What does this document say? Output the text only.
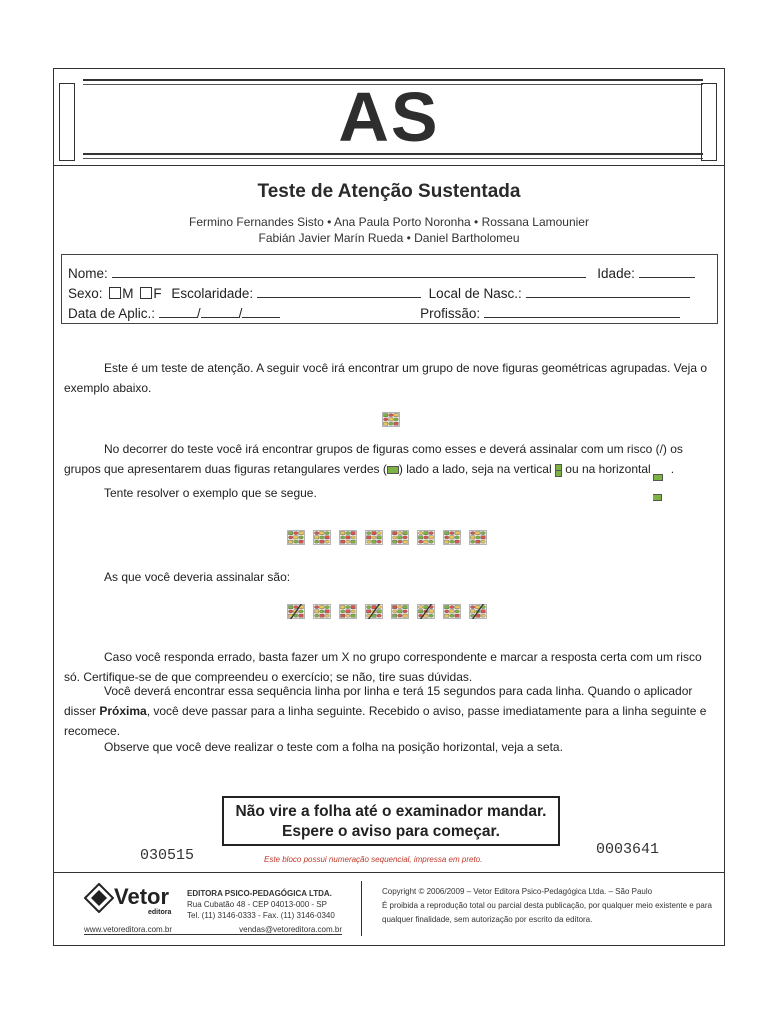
AS
Teste de Atenção Sustentada
Fermino Fernandes Sisto • Ana Paula Porto Noronha • Rossana Lamounier
Fabián Javier Marín Rueda • Daniel Bartholomeu
Nome:	Idade:
Sexo: M F Escolaridade:	Local de Nasc.:
Data de Aplic.:	/	/	Profissão:
Este é um teste de atenção. A seguir você irá encontrar um grupo de nove figuras geométricas agrupadas. Veja o exemplo abaixo.
No decorrer do teste você irá encontrar grupos de figuras como esses e deverá assinalar com um risco (/) os grupos que apresentarem duas figuras retangulares verdes ( ) lado a lado, seja na vertical
ou na horizontal .
Tente resolver o exemplo que se segue.
As que você deveria assinalar são:
Caso você responda errado, basta fazer um X no grupo correspondente e marcar a resposta certa com um risco só. Certifique-se de que compreendeu o exercício; se não, tire suas dúvidas.
Você deverá encontrar essa sequência linha por linha e terá 15 segundos para cada linha. Quando o aplicador disser Próxima, você deve passar para a linha seguinte. Recebido o aviso, passe imediatamente para a linha seguinte e recomece.
Observe que você deve realizar o teste com a folha na posição horizontal, veja a seta.
Não vire a folha até o examinador mandar.
Espere o aviso para começar.
030515	0003641
Este bloco possui numeração sequencial, impressa em preto.
Vetor
editora
EDITORA PSICO-PEDAGÓGICA LTDA.
Rua Cubatão 48 - CEP 04013-000 - SP
Tel. (11) 3146-0333 - Fax. (11) 3146-0340
www.vetoreditora.com.br	vendas@vetoreditora.com.br
Copyright © 2006/2009 – Vetor Editora Psico-Pedagógica Ltda. – São Paulo
É proibida a reprodução total ou parcial desta publicação, por qualquer meio existente e para qualquer finalidade, sem autorização por escrito da editora.
